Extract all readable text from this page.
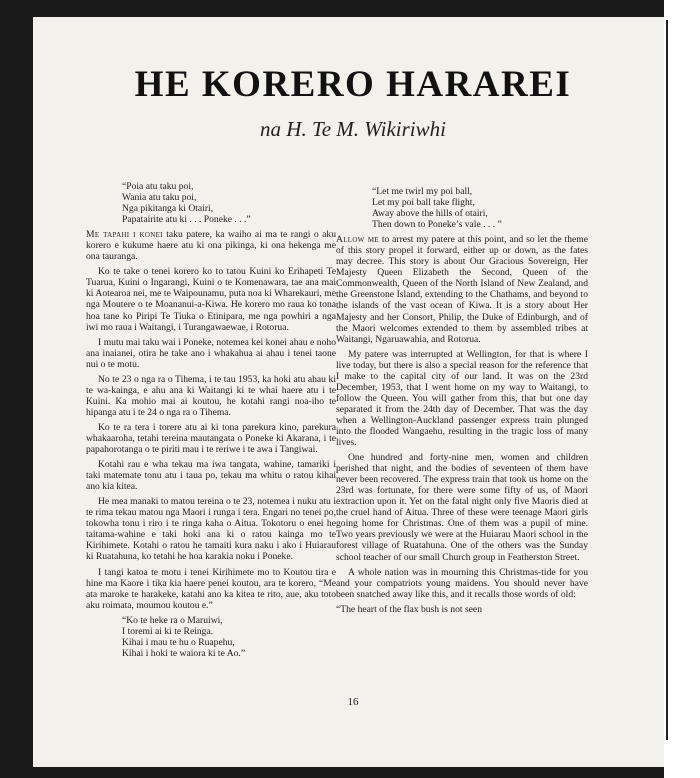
HE KORERO HARAREI

na H. Te M. Wikiriwhi

16
“Poia atu taku poi,
Wania atu taku poi,
Nga pikitanga ki Otairi,
Papatairite atu ki . . . Poneke . . .”

Me tapahi i konei taku patere, ka waiho ai ma te rangi o aku korero e kukume haere atu ki ona pikinga, ki ona hekenga me ona taurangа.

Ko te take o tenei korero ko to tatou Kuini ko Erihapeti Te Tuarua, Kuini o Ingarangi, Kuini o te Komenawara, tae ana mai ki Aotearoa nei, me te Waipounamu, puta noa ki Wharekauri, me nga Moutere o te Moananui-a-Kiwa. He korero mo raua ko tona hoa tane ko Piripi Te Tiuka o Etinipara, me nga powhiri a nga iwi mo raua i Waitangi, i Turangawaewae, i Rotorua.

I mutu mai taku wai i Poneke, notemea kei konei ahau e noho ana inaianei, otira he take ano i whakahua ai ahau i tenei taone nui o te motu.

No te 23 o nga ra o Tihema, i te tau 1953, ka hoki atu ahau ki te wa-kainga, e ahu ana ki Waitangi ki te whai haere atu i te Kuini. Ka mohio mai ai koutou, he kotahi rangi noa-iho te hipanga atu i te 24 o nga ra o Tihema.

Ko te ra tera i torere atu ai ki tona parekura kino, parekura whakaaroha, tetahi tereina mautangata o Poneke ki Akarana, i te papahorotanga o te piriti mau i te reriwe i te awa i Tangiwai.

Kotahi rau e wha tekau ma iwa tangata, wahine, tamariki i taki matemate tonu atu i taua po, tekau ma whitu o ratou kihai ano kia kitea.

He mea manaki to matou tereina o te 23, notemea i nuku atu i te rima tekau matou nga Maori i runga i tera. Engari no tenei po, tokowha tonu i riro i te ringa kaha o Aitua. Tokotoru o enei he taitama-wahine e taki hoki ana ki o ratou kainga mo te Kirihimete. Kotahi o ratou he tamaiti kura naku i ako i Huiarau ki Ruatahuna, ko tetahi he hoa karakia noku i Poneke.

I tangi katoa te motu i tenei Kirihimete mo to Koutou tira e hine ma Kaore i tika kia haere penei koutou, ara te korero, “Me ata maroke te harakeke, katahi ano ka kitea te rito, aue, aku toto aku roimata, moumou koutou e.”

“Ko te heke ra o Maruiwi,
I toremi ai ki te Reinga.
Kihai i mau te hu o Ruapehu,
Kihai i hoki te waiora ki te Ao.”
“Let me twirl my poi ball,
Let my poi ball take flight,
Away above the hills of otairi,
Then down to Poneke’s vale . . . ”

Allow me to arrest my patere at this point, and so let the theme of this story propel it forward, either up or down, as the fates may decree. This story is about Our Gracious Sovereign, Her Majesty Queen Elizabeth the Second, Queen of the Commonwealth, Queen of the North Island of New Zealand, and the Greenstone Island, extending to the Chathams, and beyond to the islands of the vast ocean of Kiwa. It is a story about Her Majesty and her Consort, Philip, the Duke of Edinburgh, and of the Maori welcomes extended to them by assembled tribes at Waitangi, Ngaruawahia, and Rotorua.

My patere was interrupted at Wellington, for that is where I live today, but there is also a special reason for the reference that I make to the capital city of our land. It was on the 23rd December, 1953, that I went home on my way to Waitangi, to follow the Queen. You will gather from this, that but one day separated it from the 24th day of December. That was the day when a Wellington-Auckland passenger express train plunged into the flooded Wangaehu, resulting in the tragic loss of many lives.

One hundred and forty-nine men, women and children perished that night, and the bodies of seventeen of them have never been recovered. The express train that took us home on the 23rd was fortunate, for there were some fifty of us, of Maori extraction upon it. Yet on the fatal night only five Maoris died at the cruel hand of Aitua. Three of these were teenage Maori girls going home for Christmas. One of them was a pupil of mine. Two years previously we were at the Huiarau Maori school in the forest village of Ruatahuna. One of the others was the Sunday school teacher of our small Church group in Featherston Street.

A whole nation was in mourning this Christmas-tide for you and your compatriots young maidens. You should never have been snatched away like this, and it recalls those words of old:

“The heart of the flax bush is not seen
